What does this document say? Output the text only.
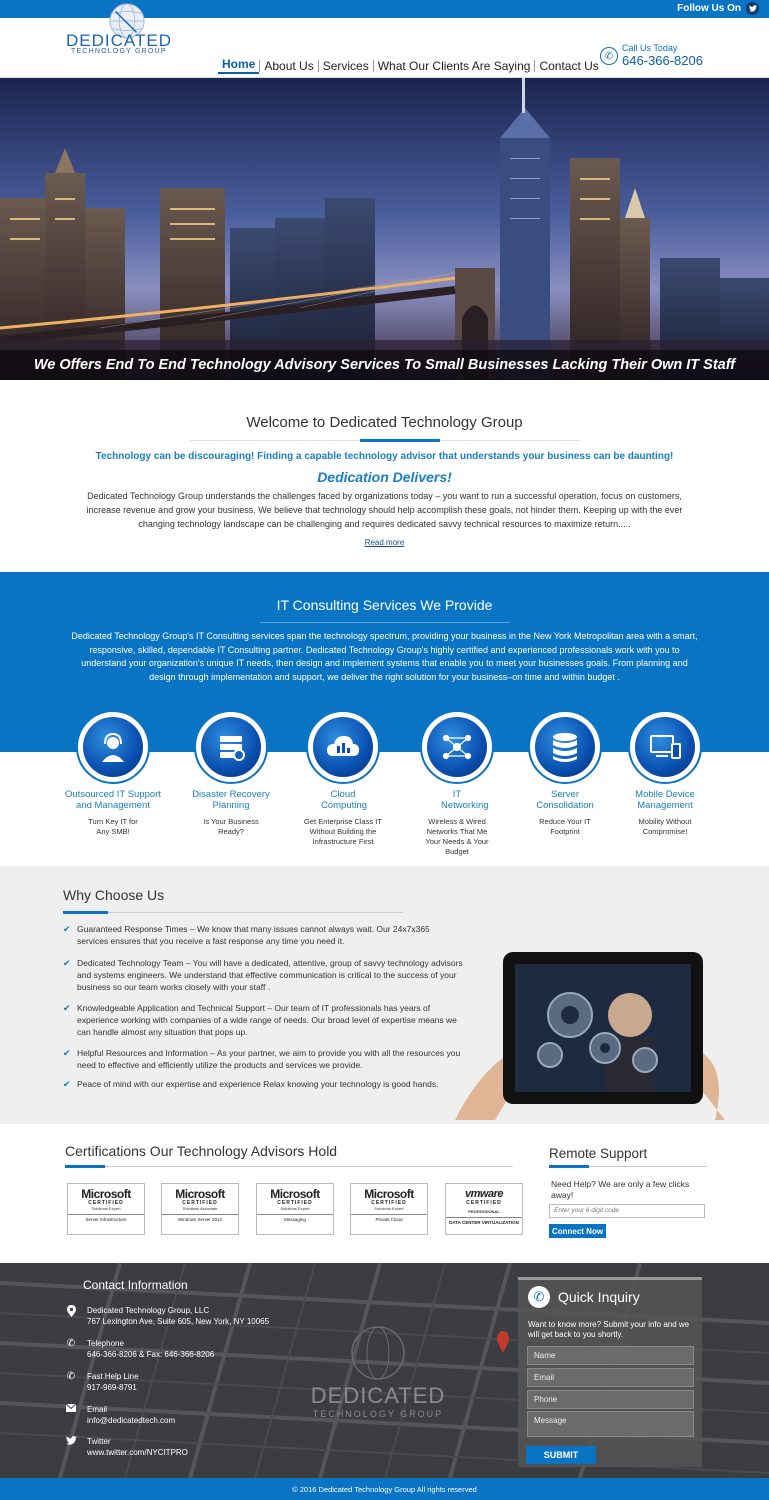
Follow Us On
DEDICATED
TECHNOLOGY GROUP
Home About Us Services What Our Clients Are Saying Contact Us
✆
Call Us Today
646-366-8206
We Offers End To End Technology Advisory Services To Small Businesses Lacking Their Own IT Staff
Welcome to Dedicated Technology Group
Technology can be discouraging! Finding a capable technology advisor that understands your business can be daunting!
Dedication Delivers!
Dedicated Technology Group understands the challenges faced by organizations today – you want to run a successful operation, focus on customers, increase revenue and grow your business. We believe that technology should help accomplish these goals, not hinder them. Keeping up with the ever changing technology landscape can be challenging and requires dedicated savvy technical resources to maximize return.....
Read more
IT Consulting Services We Provide
Dedicated Technology Group's IT Consulting services span the technology spectrum, providing your business in the New York Metropolitan area with a smart, responsive, skilled, dependable IT Consulting partner. Dedicated Technology Group's highly certified and experienced professionals work with you to understand your organization's unique IT needs, then design and implement systems that enable you to meet your businesses goals. From planning and design through implementation and support, we deliver the right solution for your business–on time and within budget .
Outsourced IT Support and Management
Turn Key IT for Any SMB!
Disaster Recovery Planning
Is Your Business Ready?
Cloud Computing
Get Enterprise Class IT Without Building the Infrastructure First
IT Networking
Wireless & Wired Networks That Me Your Needs & Your Budget
Server Consolidation
Reduce Your IT Footprint
Mobile Device Management
Mobility Without Compromise!
Why Choose Us
✔ Guaranteed Response Times – We know that many issues cannot always wait. Our 24x7x365 services ensures that you receive a fast response any time you need it.
✔ Dedicated Technology Team – You will have a dedicated, attentive, group of savvy technology advisors and systems engineers. We understand that effective communication is critical to the success of your business so our team works closely with your staff .
✔ Knowledgeable Application and Technical Support – Our team of IT professionals has years of experience working with companies of a wide range of needs. Our broad level of expertise means we can handle almost any situation that pops up.
✔ Helpful Resources and Information – As your partner, we aim to provide you with all the resources you need to effective and efficiently utilize the products and services we provide.
✔ Peace of mind with our expertise and experience Relax knowing your technology is good hands.
Certifications Our Technology Advisors Hold
Microsoft
CERTIFIED
Solutions Expert
Server Infrastructure
Microsoft
CERTIFIED
Solutions Associate
Windows Server 2012
Microsoft
CERTIFIED
Solutions Expert
Messaging
Microsoft
CERTIFIED
Solutions Expert
Private Cloud
vmware
CERTIFIED
PROFESSIONAL
DATA CENTER VIRTUALIZATION
Remote Support
Need Help? We are only a few clicks away!
Enter your 6 digit code
Connect Now
DEDICATED
TECHNOLOGY GROUP
Contact Information
Dedicated Technology Group, LLC
767 Lexington Ave, Suite 605, New York, NY 10065
✆ Telephone
646-366-8206 & Fax: 646-366-8206
✆ Fast Help Line
917-969-8791
Email
info@dedicatedtech.com
Twitter
www.twitter.com/NYCITPRO
✆ Quick Inquiry
Want to know more? Submit your info and we will get back to you shortly.
Name
Email
Phone
Message
SUBMIT
© 2016 Dedicated Technology Group All rights reserved
